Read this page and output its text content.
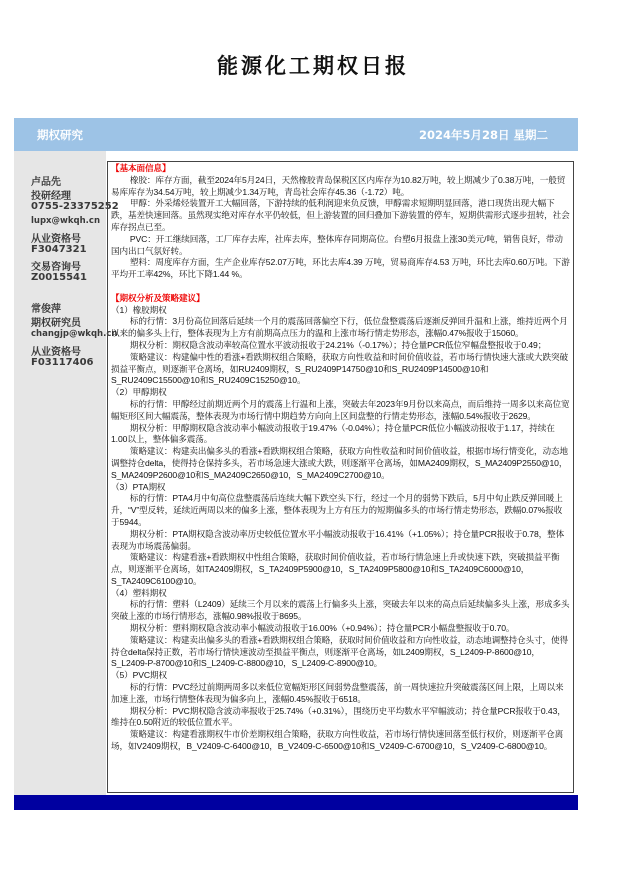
能源化工期权日报
期权研究	2024年5月28日 星期二
卢品先
投研经理
0755-23375252
lupx@wkqh.cn
从业资格号
F3047321
交易咨询号
Z0015541
常俊萍
期权研究员
changjp@wkqh.cn
从业资格号
F03117406

【基本面信息】

橡胶：库存方面，截至2024年5月24日，天然橡胶青岛保税区区内库存为10.82万吨，较上期减少了0.38万吨，一般贸易库库存为34.54万吨，较上期减少1.34万吨，青岛社会库存45.36（-1.72）吨。

甲醇：外采烯烃装置开工大幅回落，下游持续的低利润迎来负反馈，甲醇需求短期明显回落，港口现货出现大幅下跌，基差快速回落。虽然现实绝对库存水平仍较低，但上游装置的回归叠加下游装置的停车，短期供需形式逐步扭转，社会库存拐点已至。

PVC：开工继续回落，工厂库存去库，社库去库，整体库存同期高位。台塑6月报盘上涨30美元/吨，销售良好，带动国内出口气氛好转。

塑料：周度库存方面，生产企业库存52.07万吨，环比去库4.39 万吨，贸易商库存4.53 万吨，环比去库0.60万吨。下游平均开工率42%，环比下降1.44 %。

【期权分析及策略建议】

（1）橡胶期权

标的行情：3月份高位回落后延续一个月的震荡回落偏空下行，低位盘整震荡后逐渐反弹回升温和上涨，维持近两个月以来的偏多头上行，整体表现为上方有前期高点压力的温和上涨市场行情走势形态，涨幅0.47%报收于15060。

期权分析：期权隐含波动率较高位置水平波动报收于24.21%（-0.17%）；持仓量PCR低位窄幅盘整报收于0.49；

策略建议：构建偏中性的看涨+看跌期权组合策略，获取方向性收益和时间价值收益，若市场行情快速大涨或大跌突破损益平衡点，则逐渐平仓离场，如RU2409期权，S_RU2409P14750@10和S_RU2409P14500@10和S_RU2409C15500@10和S_RU2409C15250@10。

（2）甲醇期权

标的行情：甲醇经过前期近两个月的震荡上行温和上涨，突破去年2023年9月份以来高点，而后维持一周多以来高位宽幅矩形区间大幅震荡，整体表现为市场行情中期趋势方向向上区间盘整的行情走势形态，涨幅0.54%报收于2629。

期权分析：甲醇期权隐含波动率小幅波动报收于19.47%（-0.04%）；持仓量PCR低位小幅波动报收于1.17，持续在1.00以上，整体偏多震荡。

策略建议：构建卖出偏多头的看涨+看跌期权组合策略，获取方向性收益和时间价值收益，根据市场行情变化，动态地调整持仓delta，使得持仓保持多头，若市场急速大涨或大跌，则逐渐平仓离场，如MA2409期权，S_MA2409P2550@10，S_MA2409P2600@10和S_MA2409C2650@10，S_MA2409C2700@10。

（3）PTA期权

标的行情：PTA4月中旬高位盘整震荡后连续大幅下跌空头下行，经过一个月的弱势下跌后，5月中旬止跌反弹回暖上升，“V”型反转，延续近两周以来的偏多上涨，整体表现为上方有压力的短期偏多头的市场行情走势形态，跌幅0.07%报收于5944。

期权分析：PTA期权隐含波动率历史较低位置水平小幅波动报收于16.41%（+1.05%）；持仓量PCR报收于0.78，整体表现为市场震荡偏弱。

策略建议：构建看涨+看跌期权中性组合策略，获取时间价值收益，若市场行情急速上升或快速下跌，突破损益平衡点，则逐渐平仓离场，如TA2409期权，S_TA2409P5900@10，S_TA2409P5800@10和S_TA2409C6000@10，S_TA2409C6100@10。

（4）塑料期权

标的行情：塑料（L2409）延续三个月以来的震荡上行偏多头上涨，突破去年以来的高点后延续偏多头上涨，形成多头突破上涨的市场行情形态，涨幅0.98%报收于8695。

期权分析：塑料期权隐含波动率小幅波动报收于16.00%（+0.94%）；持仓量PCR小幅盘整报收于0.70。

策略建议：构建卖出偏多头的看涨+看跌期权组合策略，获取时间价值收益和方向性收益，动态地调整持仓头寸，使得持仓delta保持正数，若市场行情快速波动至损益平衡点，则逐渐平仓离场，如L2409期权，S_L2409-P-8600@10，S_L2409-P-8700@10和S_L2409-C-8800@10，S_L2409-C-8900@10。

（5）PVC期权

标的行情：PVC经过前期两周多以来低位宽幅矩形区间弱势盘整震荡，前一周快速拉升突破震荡区间上限，上周以来加速上涨，市场行情整体表现为偏多向上，涨幅0.45%报收于6518。

期权分析：PVC期权隐含波动率报收于25.74%（+0.31%），围绕历史平均数水平窄幅波动；持仓量PCR报收于0.43，维持在0.50附近的较低位置水平。

策略建议：构建看涨期权牛市价差期权组合策略，获取方向性收益，若市场行情快速回落至低行权价，则逐渐平仓离场，如V2409期权，B_V2409-C-6400@10，B_V2409-C-6500@10和S_V2409-C-6700@10，S_V2409-C-6800@10。
